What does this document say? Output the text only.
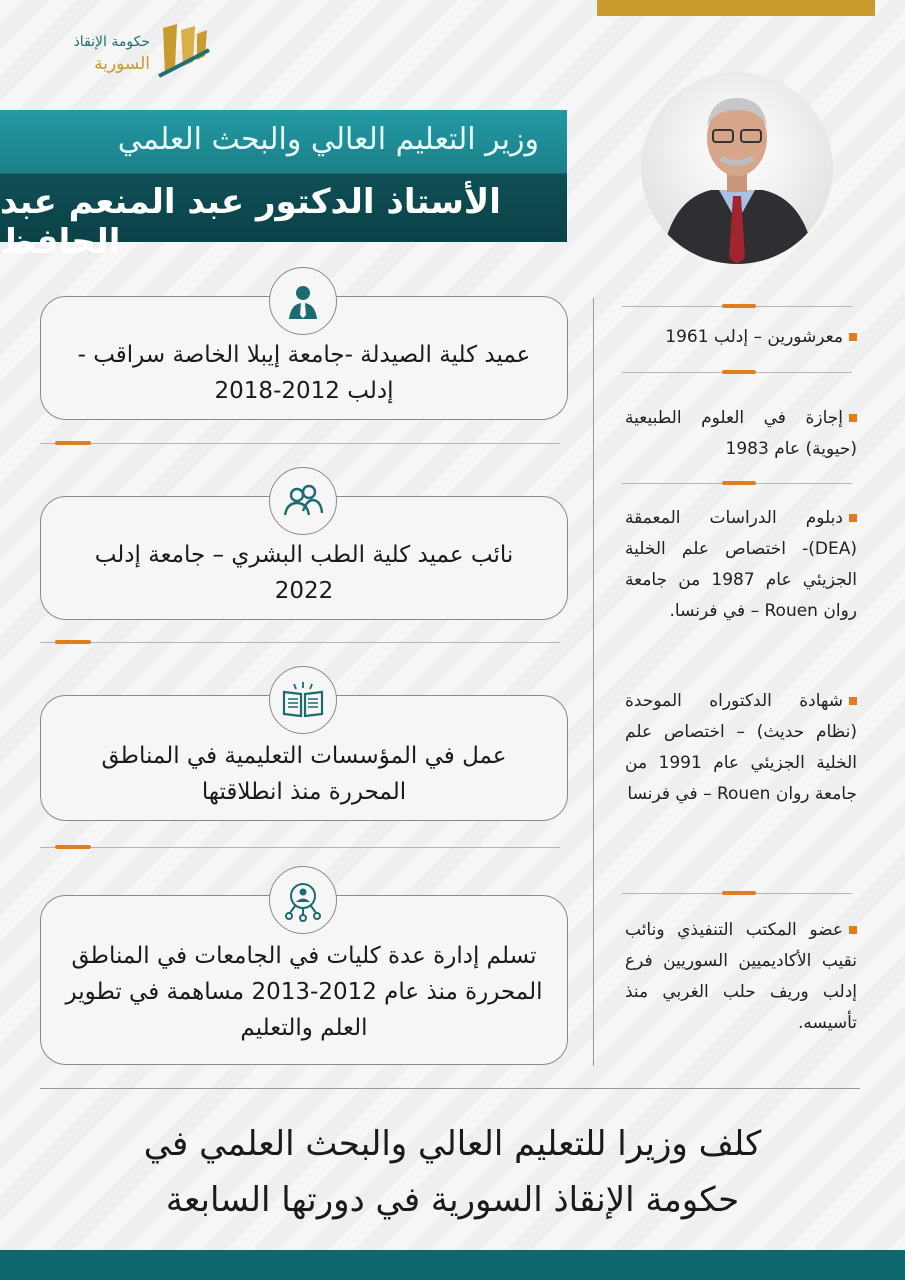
حكومة الإنقاذ
السورية
وزير التعليم العالي والبحث العلمي
الأستاذ الدكتور عبد المنعم عبد الحافظ
عميد كلية الصيدلة -جامعة إيبلا الخاصة سراقب - إدلب 2012-2018
نائب عميد كلية الطب البشري – جامعة إدلب 2022
عمل في المؤسسات التعليمية في المناطق المحررة منذ انطلاقتها
تسلم إدارة عدة كليات في الجامعات في المناطق المحررة منذ عام 2012-2013 مساهمة في تطوير العلم والتعليم
معرشورين – إدلب 1961
إجازة في العلوم الطبيعية (حيوية) عام 1983
دبلوم الدراسات المعمقة (DEA)- اختصاص علم الخلية الجزيئي عام 1987 من جامعة روان Rouen – في فرنسا.
شهادة الدكتوراه الموحدة (نظام حديث) – اختصاص علم الخلية الجزيئي عام 1991 من جامعة روان Rouen – في فرنسا
عضو المكتب التنفيذي ونائب نقيب الأكاديميين السوريين فرع إدلب وريف حلب الغربي منذ تأسيسه.
كلف وزيرا للتعليم العالي والبحث العلمي في
حكومة الإنقاذ السورية في دورتها السابعة
